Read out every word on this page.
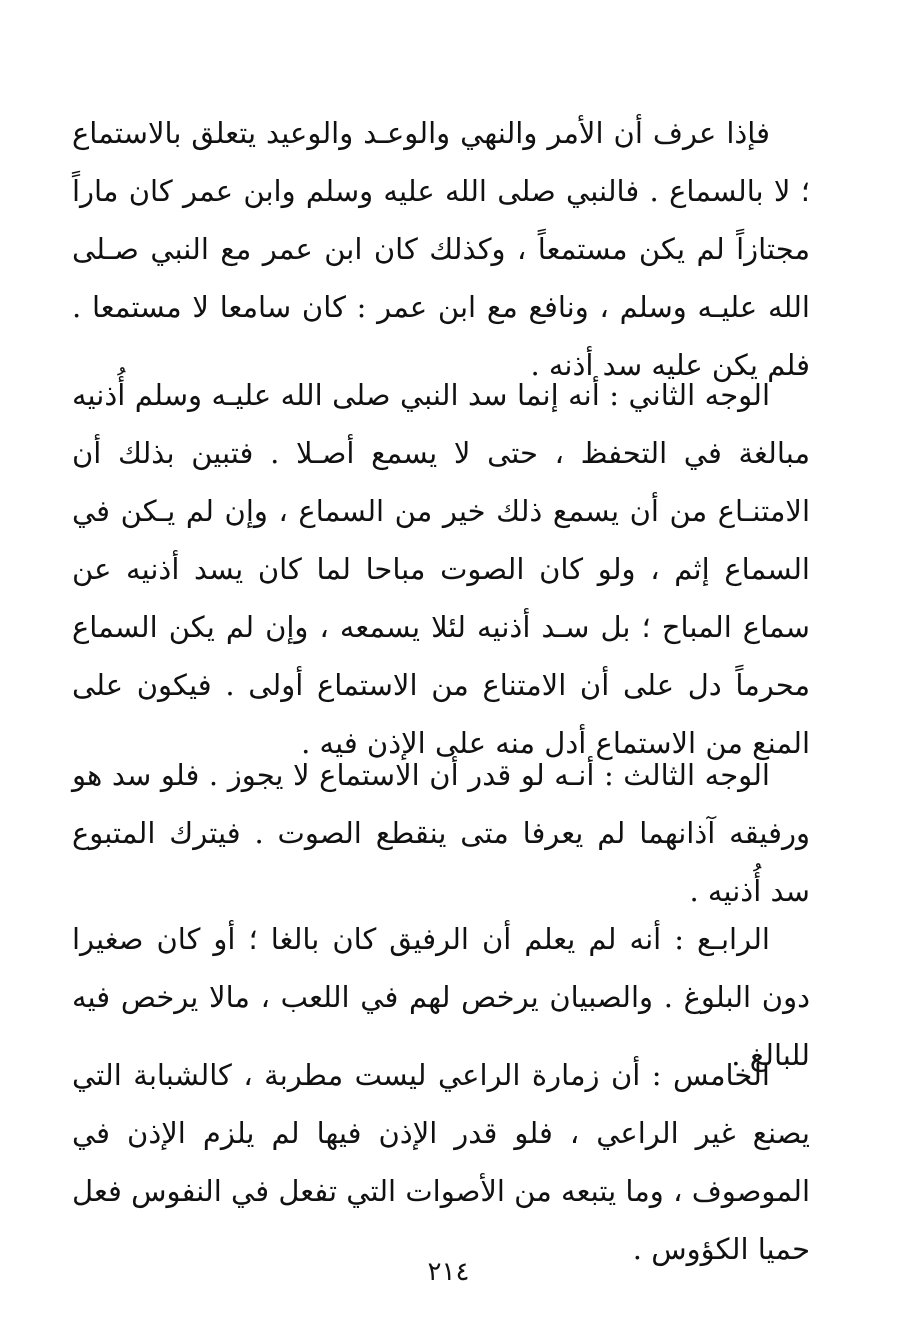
فإذا عرف أن الأمر والنهي والوعـد والوعيد يتعلق بالاستماع ؛ لا بالسماع . فالنبي صلى الله عليه وسلم وابن عمر كان ماراً مجتازاً لم يكن مستمعاً ، وكذلك كان ابن عمر مع النبي صـلى الله عليـه وسلم ، ونافع مع ابن عمر : كان سامعا لا مستمعا . فلم يكن عليه سد أذنه .

الوجه الثاني : أنه إنما سد النبي صلى الله عليـه وسلم أُذنيه مبالغة في التحفظ ، حتى لا يسمع أصـلا . فتبين بذلك أن الامتنـاع من أن يسمع ذلك خير من السماع ، وإن لم يـكن في السماع إثم ، ولو كان الصوت مباحا لما كان يسد أذنيه عن سماع المباح ؛ بل سـد أذنيه لئلا يسمعه ، وإن لم يكن السماع محرماً دل على أن الامتناع من الاستماع أولى . فيكون على المنع من الاستماع أدل منه على الإذن فيه .

الوجه الثالث : أنـه لو قدر أن الاستماع لا يجوز . فلو سد هو ورفيقه آذانهما لم يعرفا متى ينقطع الصوت . فيترك المتبوع سد أُذنيه .

الرابـع : أنه لم يعلم أن الرفيق كان بالغا ؛ أو كان صغيرا دون البلوغ . والصبيان يرخص لهم في اللعب ، مالا يرخص فيه للبالغ .

الخامس : أن زمارة الراعي ليست مطربة ، كالشبابة التي يصنع غير الراعي ، فلو قدر الإذن فيها لم يلزم الإذن في الموصوف ، وما يتبعه من الأصوات التي تفعل في النفوس فعل حميا الكؤوس .

٢١٤
